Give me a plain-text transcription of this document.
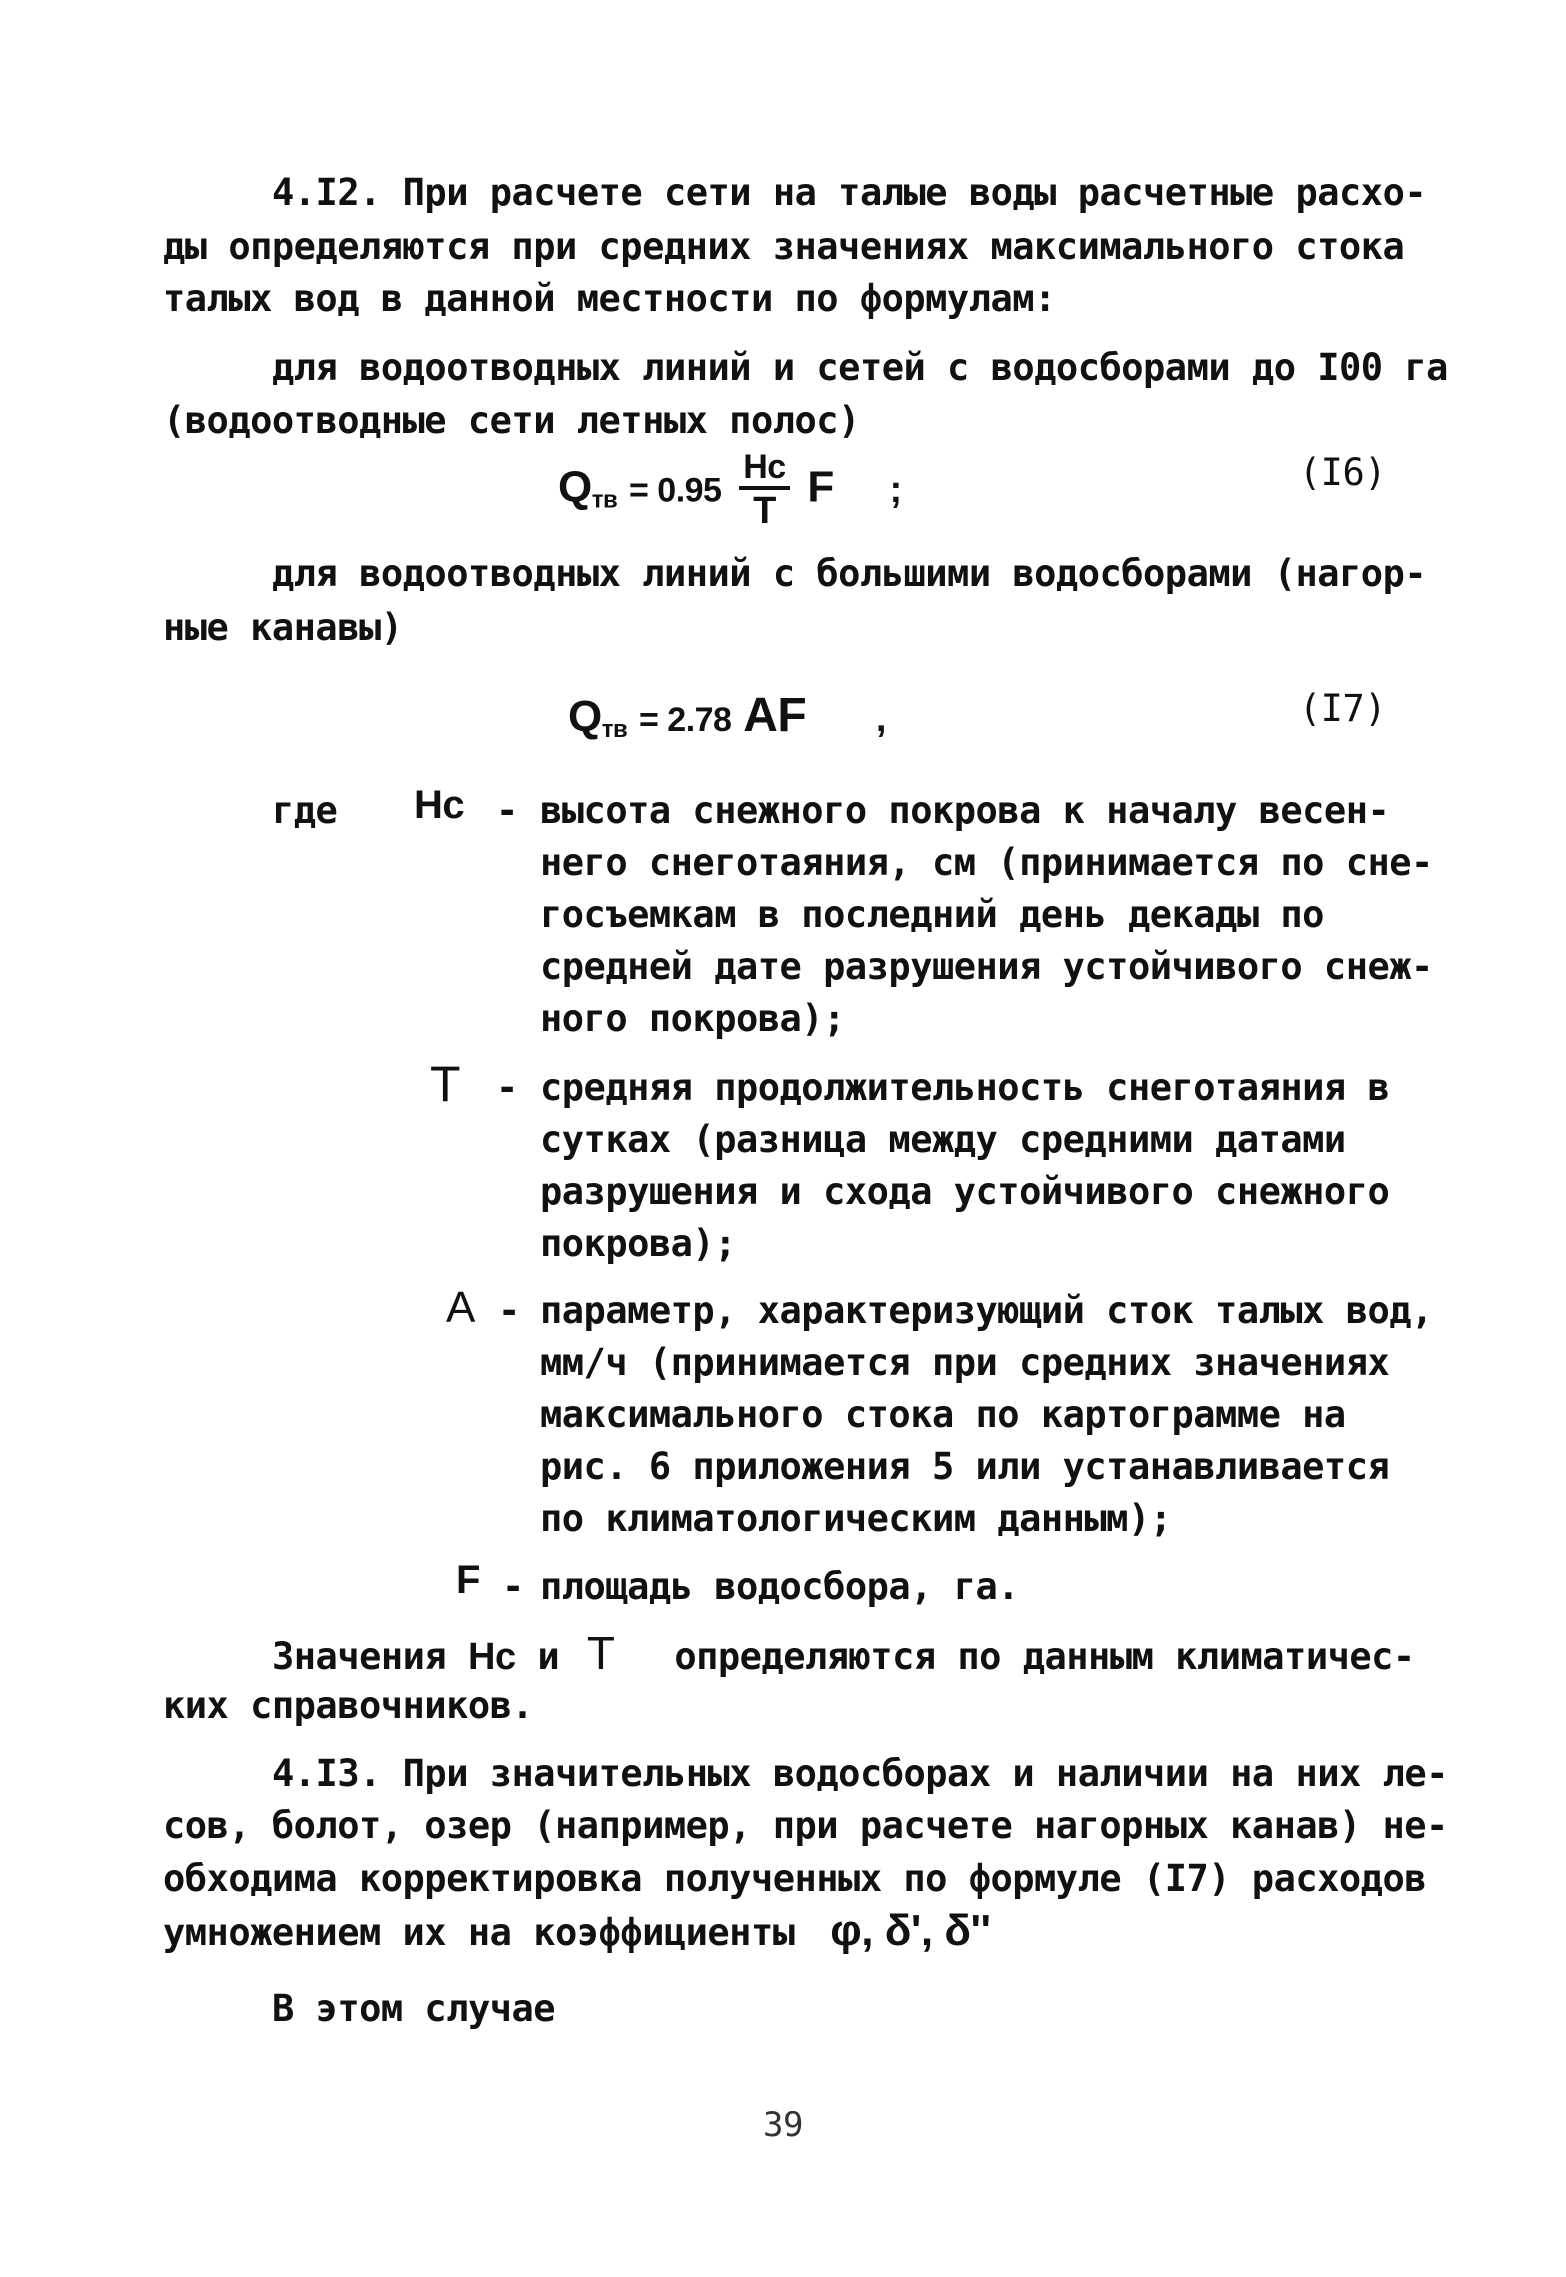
4.I2. При расчете сети на талые воды расчетные расхо-
ды определяются при средних значениях максимального стока
талых вод в данной местности по формулам:
для водоотводных линий и сетей с водосборами до I00 га
(водоотводные сети летных полос)
$Q_{тв} = 0.95 \frac{Hc}{T}$ F ;	(I6)
для водоотводных линий с большими водосборами (нагор-
ные канавы)
$Q_{тв} = 2.78$ AF ,	(I7)
где Hc - высота снежного покрова к началу весен-
него снеготаяния, см (принимается по сне-
госъемкам в последний день декады по
средней дате разрушения устойчивого снеж-
ного покрова);
T - средняя продолжительность снеготаяния в
сутках (разница между средними датами
разрушения и схода устойчивого снежного
покрова);
A - параметр, характеризующий сток талых вод,
мм/ч (принимается при средних значениях
максимального стока по картограмме на
рис. 6 приложения 5 или устанавливается
по климатологическим данным);
F - площадь водосбора, га.
Значения Hc и T определяются по данным климатичес-
ких справочников.
4.I3. При значительных водосборах и наличии на них ле-
сов, болот, озер (например, при расчете нагорных канав) не-
обходима корректировка полученных по формуле (I7) расходов
умножением их на коэффициенты φ, δ', δ''
В этом случае
39
